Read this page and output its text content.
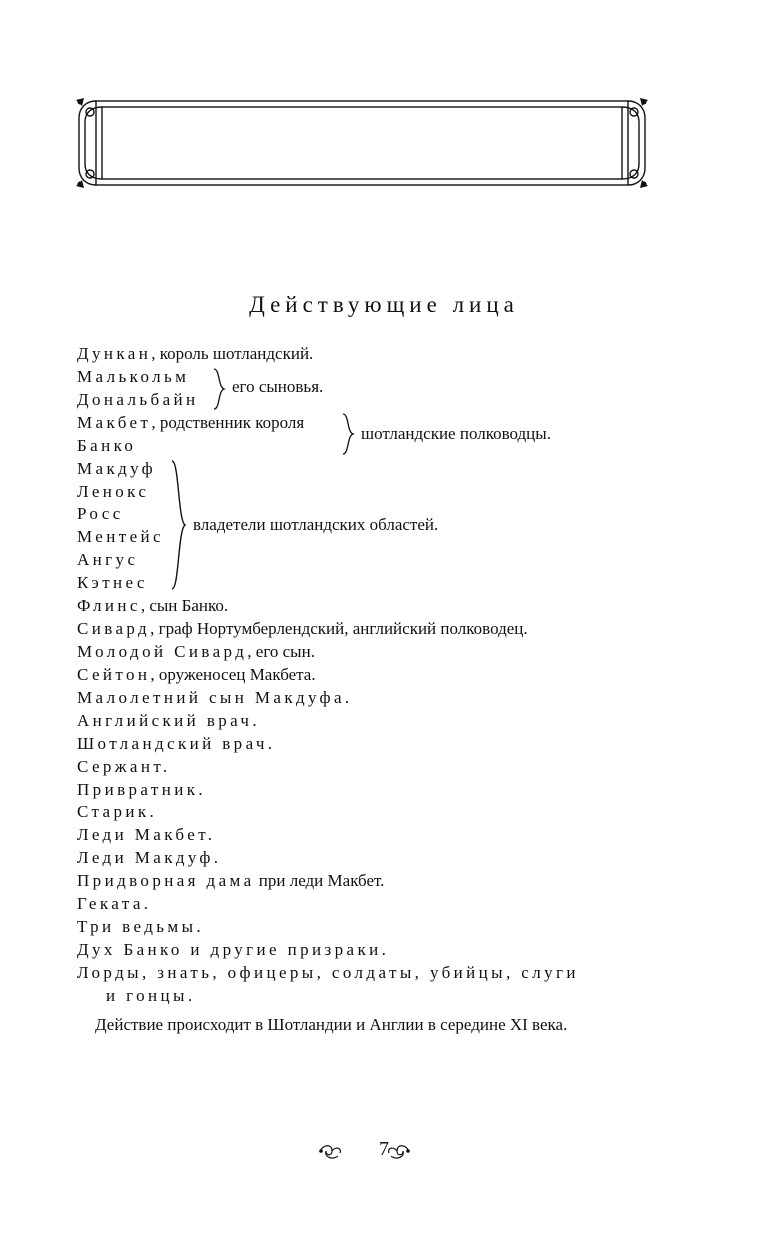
Действующие лица
Дункан, король шотландский.
Малькольм
Дональбайн
Макбет, родственник короля
Банко
Макдуф
Ленокс
Росс
Ментейс
Ангус
Кэтнес
Флинс, сын Банко.
Сивард, граф Нортумберлендский, английский полководец.
Молодой Сивард, его сын.
Сейтон, оруженосец Макбета.
Малолетний сын Макдуфа.
Английский врач.
Шотландский врач.
Сержант.
Привратник.
Старик.
Леди Макбет.
Леди Макдуф.
Придворная дама при леди Макбет.
Геката.
Три ведьмы.
Дух Банко и другие призраки.
Лорды, знать, офицеры, солдаты, убийцы, слуги
и гонцы.
его сыновья.
шотландские полководцы.
владетели шотландских областей.
Действие происходит в Шотландии и Англии в середине XI века.
7
